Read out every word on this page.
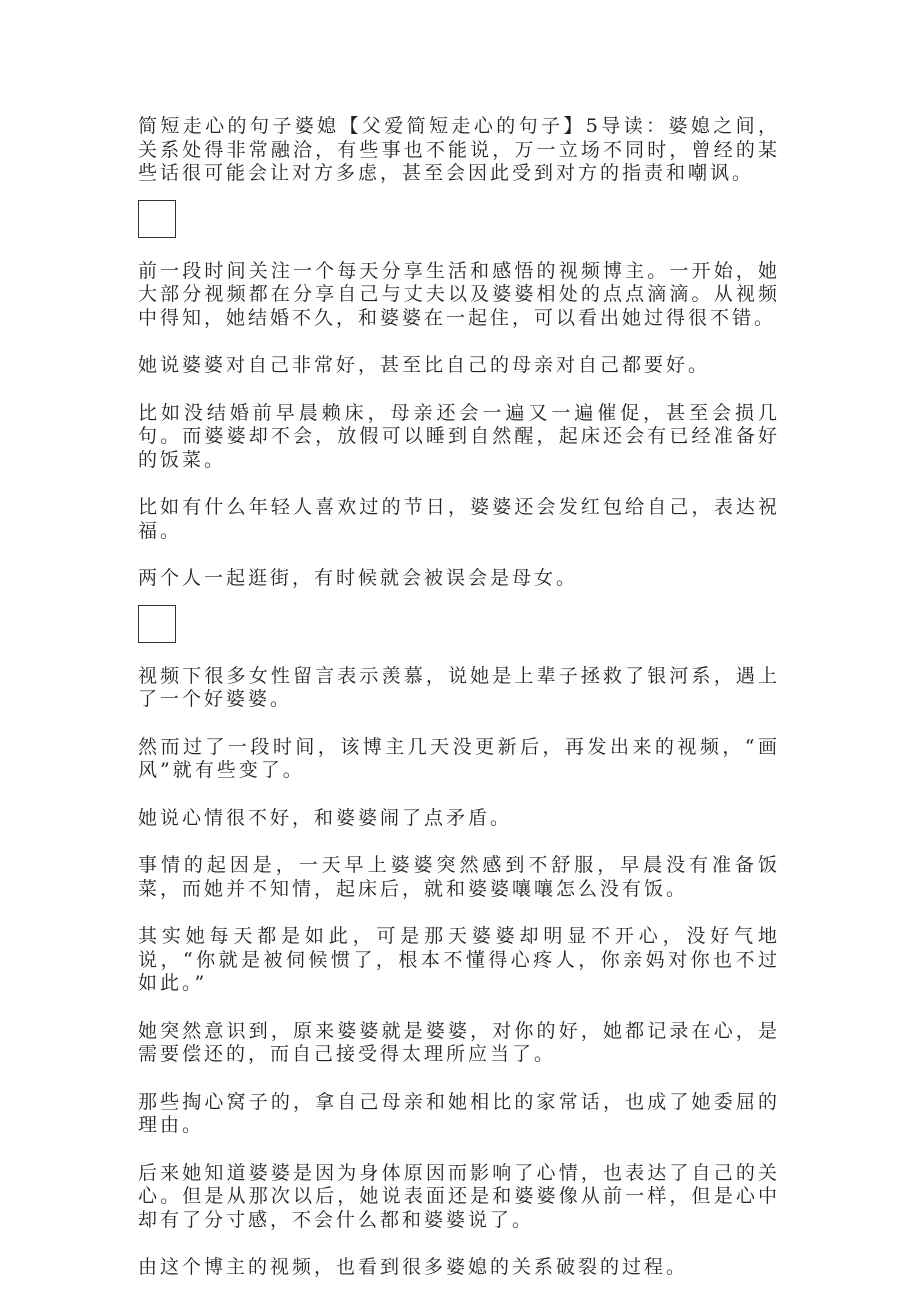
简短走心的句子婆媳【父爱简短走心的句子】5导读：婆媳之间，关系处得非常融洽，有些事也不能说，万一立场不同时，曾经的某些话很可能会让对方多虑，甚至会因此受到对方的指责和嘲讽。

前一段时间关注一个每天分享生活和感悟的视频博主。一开始，她大部分视频都在分享自己与丈夫以及婆婆相处的点点滴滴。从视频中得知，她结婚不久，和婆婆在一起住，可以看出她过得很不错。

她说婆婆对自己非常好，甚至比自己的母亲对自己都要好。

比如没结婚前早晨赖床，母亲还会一遍又一遍催促，甚至会损几句。而婆婆却不会，放假可以睡到自然醒，起床还会有已经准备好的饭菜。

比如有什么年轻人喜欢过的节日，婆婆还会发红包给自己，表达祝福。

两个人一起逛街，有时候就会被误会是母女。

视频下很多女性留言表示羡慕，说她是上辈子拯救了银河系，遇上了一个好婆婆。

然而过了一段时间，该博主几天没更新后，再发出来的视频，“画风”就有些变了。

她说心情很不好，和婆婆闹了点矛盾。

事情的起因是，一天早上婆婆突然感到不舒服，早晨没有准备饭菜，而她并不知情，起床后，就和婆婆嚷嚷怎么没有饭。

其实她每天都是如此，可是那天婆婆却明显不开心，没好气地说，“你就是被伺候惯了，根本不懂得心疼人，你亲妈对你也不过如此。”

她突然意识到，原来婆婆就是婆婆，对你的好，她都记录在心，是需要偿还的，而自己接受得太理所应当了。

那些掏心窝子的，拿自己母亲和她相比的家常话，也成了她委屈的理由。

后来她知道婆婆是因为身体原因而影响了心情，也表达了自己的关心。但是从那次以后，她说表面还是和婆婆像从前一样，但是心中却有了分寸感，不会什么都和婆婆说了。

由这个博主的视频，也看到很多婆媳的关系破裂的过程。
